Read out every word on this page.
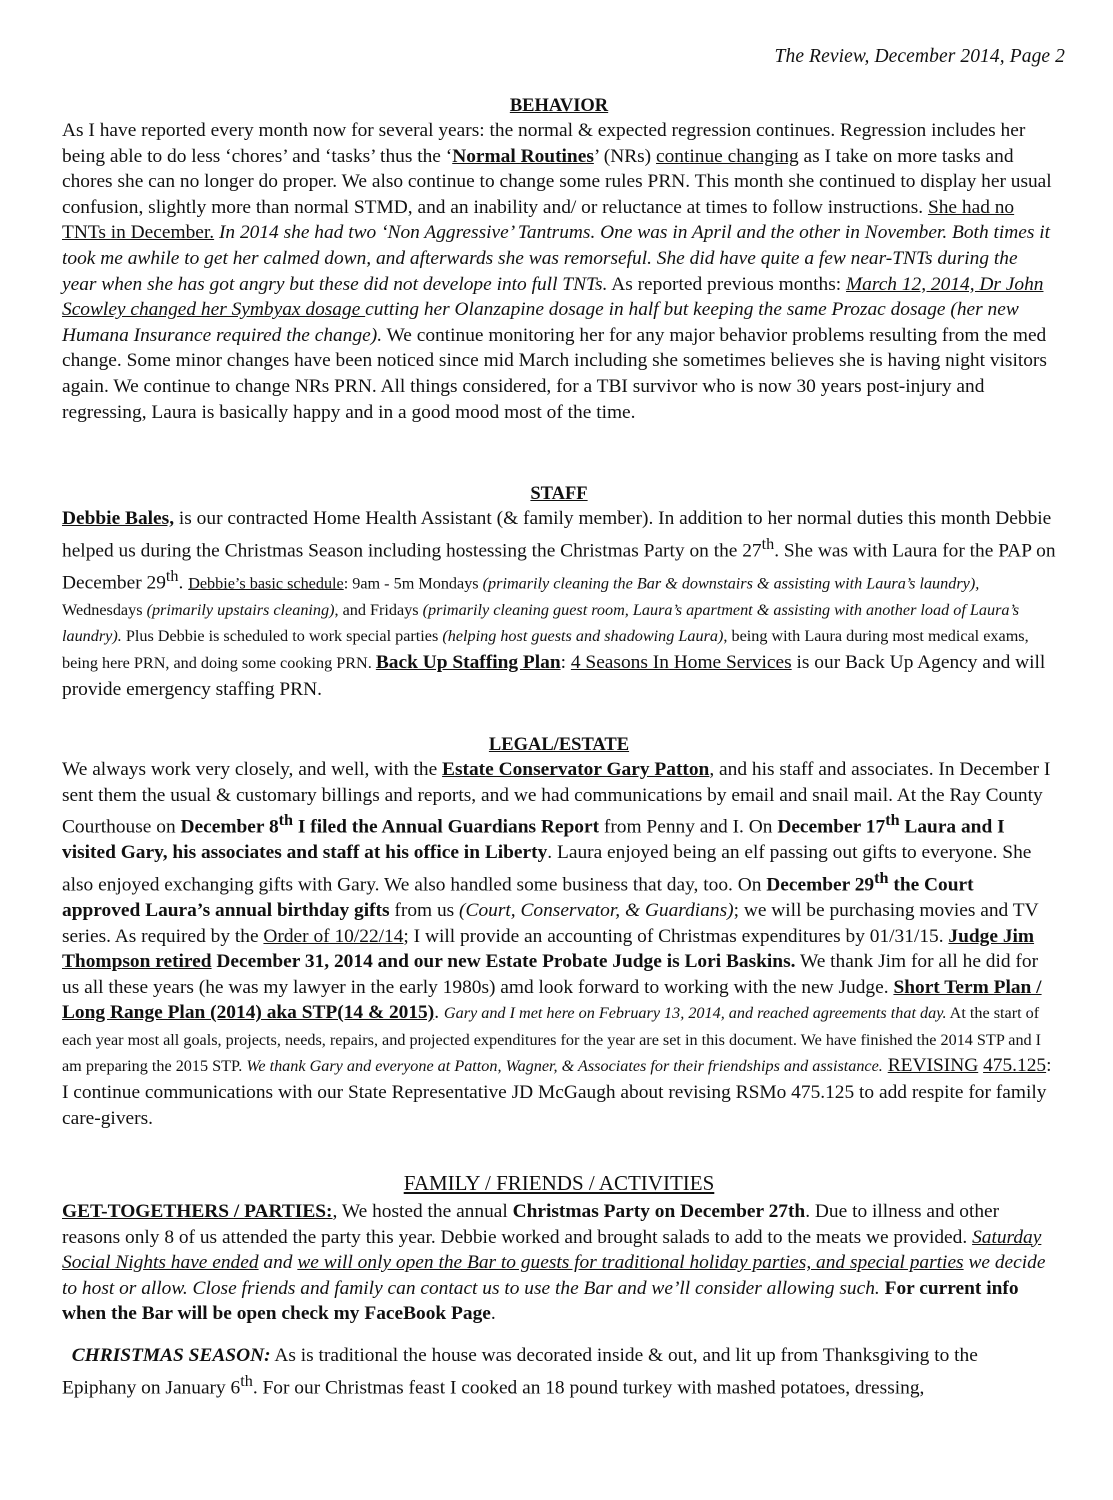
The Review, December 2014, Page 2
BEHAVIOR

As I have reported every month now for several years: the normal & expected regression continues. Regression includes her being able to do less ‘chores’ and ‘tasks’ thus the ‘Normal Routines’ (NRs) continue changing as I take on more tasks and chores she can no longer do proper. We also continue to change some rules PRN. This month she continued to display her usual confusion, slightly more than normal STMD, and an inability and/ or reluctance at times to follow instructions. She had no TNTs in December. In 2014 she had two ‘Non Aggressive’ Tantrums. One was in April and the other in November. Both times it took me awhile to get her calmed down, and afterwards she was remorseful. She did have quite a few near-TNTs during the year when she has got angry but these did not develope into full TNTs. As reported previous months: March 12, 2014, Dr John Scowley changed her Symbyax dosage cutting her Olanzapine dosage in half but keeping the same Prozac dosage (her new Humana Insurance required the change). We continue monitoring her for any major behavior problems resulting from the med change. Some minor changes have been noticed since mid March including she sometimes believes she is having night visitors again. We continue to change NRs PRN. All things considered, for a TBI survivor who is now 30 years post-injury and regressing, Laura is basically happy and in a good mood most of the time.

STAFF

Debbie Bales, is our contracted Home Health Assistant (& family member). In addition to her normal duties this month Debbie helped us during the Christmas Season including hostessing the Christmas Party on the 27th. She was with Laura for the PAP on December 29th. Debbie’s basic schedule: 9am - 5m Mondays (primarily cleaning the Bar & downstairs & assisting with Laura’s laundry), Wednesdays (primarily upstairs cleaning), and Fridays (primarily cleaning guest room, Laura’s apartment & assisting with another load of Laura’s laundry). Plus Debbie is scheduled to work special parties (helping host guests and shadowing Laura), being with Laura during most medical exams, being here PRN, and doing some cooking PRN. Back Up Staffing Plan: 4 Seasons In Home Services is our Back Up Agency and will provide emergency staffing PRN.

LEGAL/ESTATE

We always work very closely, and well, with the Estate Conservator Gary Patton, and his staff and associates. In December I sent them the usual & customary billings and reports, and we had communications by email and snail mail. At the Ray County Courthouse on December 8th I filed the Annual Guardians Report from Penny and I. On December 17th Laura and I visited Gary, his associates and staff at his office in Liberty. Laura enjoyed being an elf passing out gifts to everyone. She also enjoyed exchanging gifts with Gary. We also handled some business that day, too. On December 29th the Court approved Laura’s annual birthday gifts from us (Court, Conservator, & Guardians); we will be purchasing movies and TV series. As required by the Order of 10/22/14; I will provide an accounting of Christmas expenditures by 01/31/15. Judge Jim Thompson retired December 31, 2014 and our new Estate Probate Judge is Lori Baskins. We thank Jim for all he did for us all these years (he was my lawyer in the early 1980s) amd look forward to working with the new Judge. Short Term Plan / Long Range Plan (2014) aka STP(14 & 2015). Gary and I met here on February 13, 2014, and reached agreements that day. At the start of each year most all goals, projects, needs, repairs, and projected expenditures for the year are set in this document. We have finished the 2014 STP and I am preparing the 2015 STP. We thank Gary and everyone at Patton, Wagner, & Associates for their friendships and assistance. REVISING 475.125: I continue communications with our State Representative JD McGaugh about revising RSMo 475.125 to add respite for family care-givers.

FAMILY / FRIENDS / ACTIVITIES

GET-TOGETHERS / PARTIES:, We hosted the annual Christmas Party on December 27th. Due to illness and other reasons only 8 of us attended the party this year. Debbie worked and brought salads to add to the meats we provided. Saturday Social Nights have ended and we will only open the Bar to guests for traditional holiday parties, and special parties we decide to host or allow. Close friends and family can contact us to use the Bar and we’ll consider allowing such. For current info when the Bar will be open check my FaceBook Page.

CHRISTMAS SEASON: As is traditional the house was decorated inside & out, and lit up from Thanksgiving to the Epiphany on January 6th. For our Christmas feast I cooked an 18 pound turkey with mashed potatoes, dressing,
